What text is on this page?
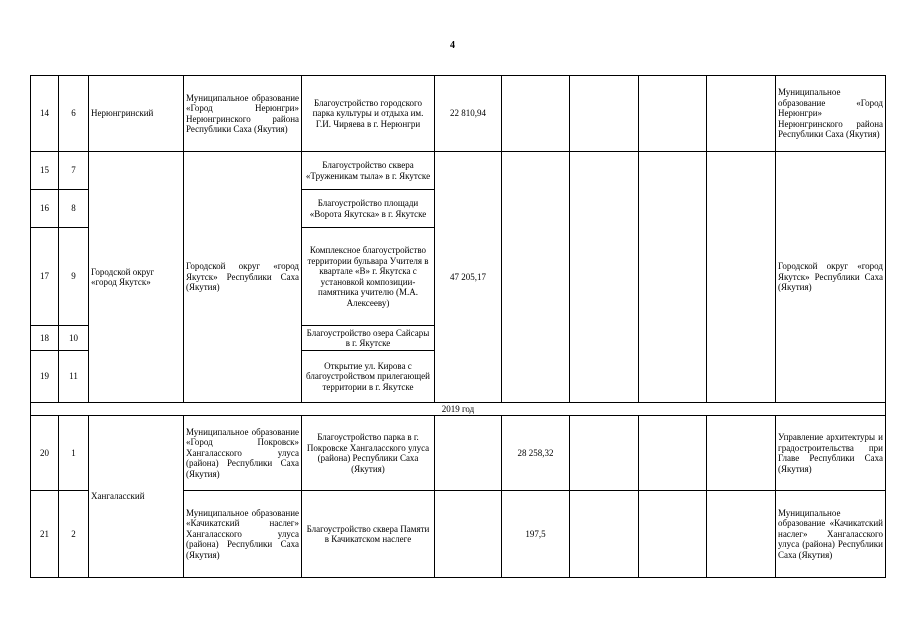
4
14	6	Нерюнгринский	Муниципальное образование «Город Нерюнгри» Нерюнгринского района Республики Саха (Якутия)	Благоустройство городского парка культуры и отдыха им. Г.И. Чиряева в г. Нерюнгри	22 810,94					Муниципальное образование «Город Нерюнгри» Нерюнгринского района Республики Саха (Якутия)
15	7	Городской округ «город Якутск»	Городской округ «город Якутск» Республики Саха (Якутия)	Благоустройство сквера «Труженикам тыла» в г. Якутске	47 205,17					Городской округ «город Якутск» Республики Саха (Якутия)
16	8			Благоустройство площади «Ворота Якутска» в г. Якутске						
17	9			Комплексное благоустройство территории бульвара Учителя в квартале «В» г. Якутска с установкой композиции-памятника учителю (М.А. Алексееву)						
18	10			Благоустройство озера Сайсары в г. Якутске						
19	11			Открытие ул. Кирова с благоустройством прилегающей территории в г. Якутске						
2019 год										
20	1	Хангаласский	Муниципальное образование «Город Покровск» Хангаласского улуса (района) Республики Саха (Якутия)	Благоустройство парка в г. Покровске Хангаласского улуса (района) Республики Саха (Якутия)		28 258,32				Управление архитектуры и градостроительства при Главе Республики Саха (Якутия)
21	2		Муниципальное образование «Качикатский наслег» Хангаласского улуса (района) Республики Саха (Якутия)	Благоустройство сквера Памяти в Качикатском наслеге		197,5				Муниципальное образование «Качикатский наслег» Хангаласского улуса (района) Республики Саха (Якутия)
